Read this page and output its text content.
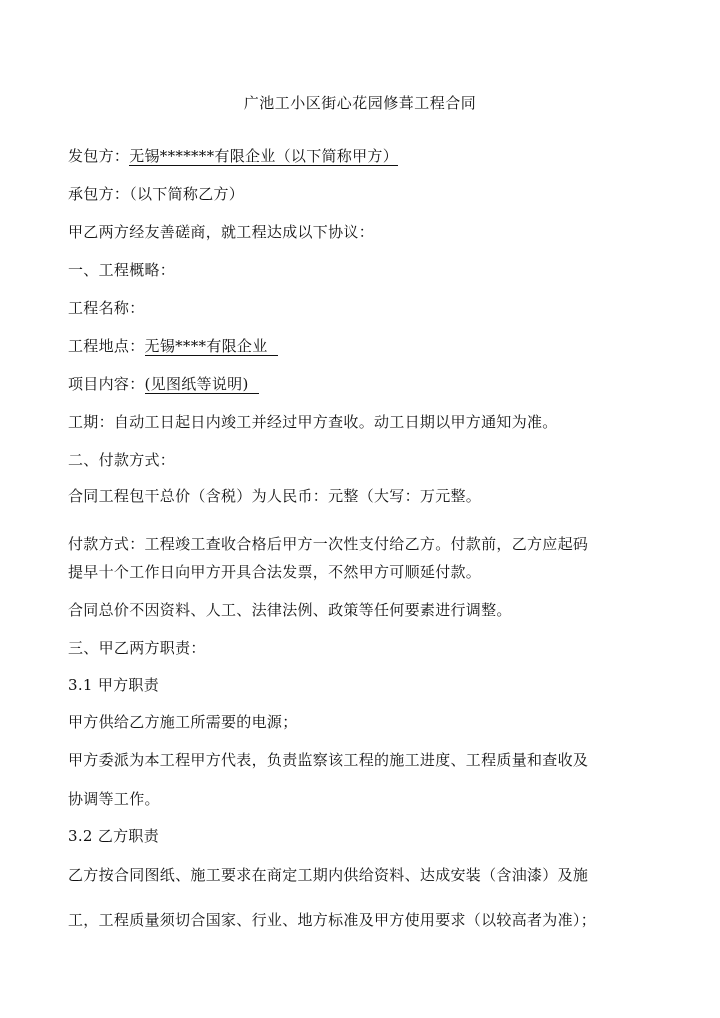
广池工小区街心花园修葺工程合同
发包方：无锡*******有限企业（以下简称甲方）
承包方：（以下简称乙方）
甲乙两方经友善磋商，就工程达成以下协议：
一、工程概略：
工程名称：
工程地点：无锡****有限企业
项目内容：(见图纸等说明)
工期：自动工日起日内竣工并经过甲方查收。动工日期以甲方通知为准。
二、付款方式：
合同工程包干总价（含税）为人民币：元整（大写：万元整。
付款方式：工程竣工查收合格后甲方一次性支付给乙方。付款前，乙方应起码
提早十个工作日向甲方开具合法发票，不然甲方可顺延付款。
合同总价不因资料、人工、法律法例、政策等任何要素进行调整。
三、甲乙两方职责：
3.1 甲方职责
甲方供给乙方施工所需要的电源；
甲方委派为本工程甲方代表，负责监察该工程的施工进度、工程质量和查收及
协调等工作。
3.2 乙方职责
乙方按合同图纸、施工要求在商定工期内供给资料、达成安装（含油漆）及施
工，工程质量须切合国家、行业、地方标准及甲方使用要求（以较高者为准）；
